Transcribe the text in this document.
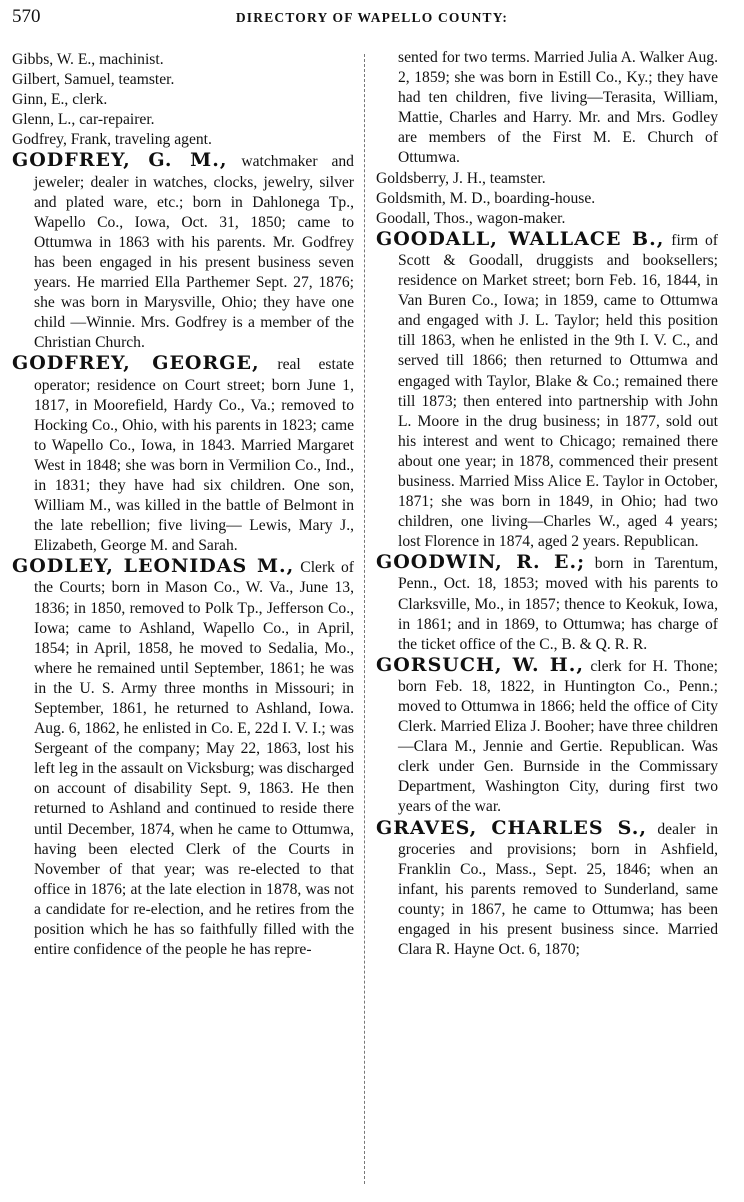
570	DIRECTORY OF WAPELLO COUNTY:

Gibbs, W. E., machinist.

Gilbert, Samuel, teamster.

Ginn, E., clerk.

Glenn, L., car-repairer.

Godfrey, Frank, traveling agent.

GODFREY, G. M., watchmaker and jeweler; dealer in watches, clocks, jewelry, silver and plated ware, etc.; born in Dahlonega Tp., Wapello Co., Iowa, Oct. 31, 1850; came to Ottumwa in 1863 with his parents. Mr. Godfrey has been engaged in his present business seven years. He married Ella Parthemer Sept. 27, 1876; she was born in Marysville, Ohio; they have one child —Winnie. Mrs. Godfrey is a member of the Christian Church.

GODFREY, GEORGE, real estate operator; residence on Court street; born June 1, 1817, in Moorefield, Hardy Co., Va.; removed to Hocking Co., Ohio, with his parents in 1823; came to Wapello Co., Iowa, in 1843. Married Margaret West in 1848; she was born in Vermilion Co., Ind., in 1831; they have had six children. One son, William M., was killed in the battle of Belmont in the late rebellion; five living— Lewis, Mary J., Elizabeth, George M. and Sarah.

GODLEY, LEONIDAS M., Clerk of the Courts; born in Mason Co., W. Va., June 13, 1836; in 1850, removed to Polk Tp., Jefferson Co., Iowa; came to Ashland, Wapello Co., in April, 1854; in April, 1858, he moved to Sedalia, Mo., where he remained until September, 1861; he was in the U. S. Army three months in Missouri; in September, 1861, he returned to Ashland, Iowa. Aug. 6, 1862, he enlisted in Co. E, 22d I. V. I.; was Sergeant of the company; May 22, 1863, lost his left leg in the assault on Vicksburg; was discharged on account of disability Sept. 9, 1863. He then returned to Ashland and continued to reside there until December, 1874, when he came to Ottumwa, having been elected Clerk of the Courts in November of that year; was re-elected to that office in 1876; at the late election in 1878, was not a candidate for re-election, and he retires from the position which he has so faithfully filled with the entire confidence of the people he has repre-

sented for two terms. Married Julia A. Walker Aug. 2, 1859; she was born in Estill Co., Ky.; they have had ten children, five living—Terasita, William, Mattie, Charles and Harry. Mr. and Mrs. Godley are members of the First M. E. Church of Ottumwa.

Goldsberry, J. H., teamster.

Goldsmith, M. D., boarding-house.

Goodall, Thos., wagon-maker.

GOODALL, WALLACE B., firm of Scott & Goodall, druggists and booksellers; residence on Market street; born Feb. 16, 1844, in Van Buren Co., Iowa; in 1859, came to Ottumwa and engaged with J. L. Taylor; held this position till 1863, when he enlisted in the 9th I. V. C., and served till 1866; then returned to Ottumwa and engaged with Taylor, Blake & Co.; remained there till 1873; then entered into partnership with John L. Moore in the drug business; in 1877, sold out his interest and went to Chicago; remained there about one year; in 1878, commenced their present business. Married Miss Alice E. Taylor in October, 1871; she was born in 1849, in Ohio; had two children, one living—Charles W., aged 4 years; lost Florence in 1874, aged 2 years. Republican.

GOODWIN, R. E.; born in Tarentum, Penn., Oct. 18, 1853; moved with his parents to Clarksville, Mo., in 1857; thence to Keokuk, Iowa, in 1861; and in 1869, to Ottumwa; has charge of the ticket office of the C., B. & Q. R. R.

GORSUCH, W. H., clerk for H. Thone; born Feb. 18, 1822, in Huntington Co., Penn.; moved to Ottumwa in 1866; held the office of City Clerk. Married Eliza J. Booher; have three children—Clara M., Jennie and Gertie. Republican. Was clerk under Gen. Burnside in the Commissary Department, Washington City, during first two years of the war.

GRAVES, CHARLES S., dealer in groceries and provisions; born in Ashfield, Franklin Co., Mass., Sept. 25, 1846; when an infant, his parents removed to Sunderland, same county; in 1867, he came to Ottumwa; has been engaged in his present business since. Married Clara R. Hayne Oct. 6, 1870;
